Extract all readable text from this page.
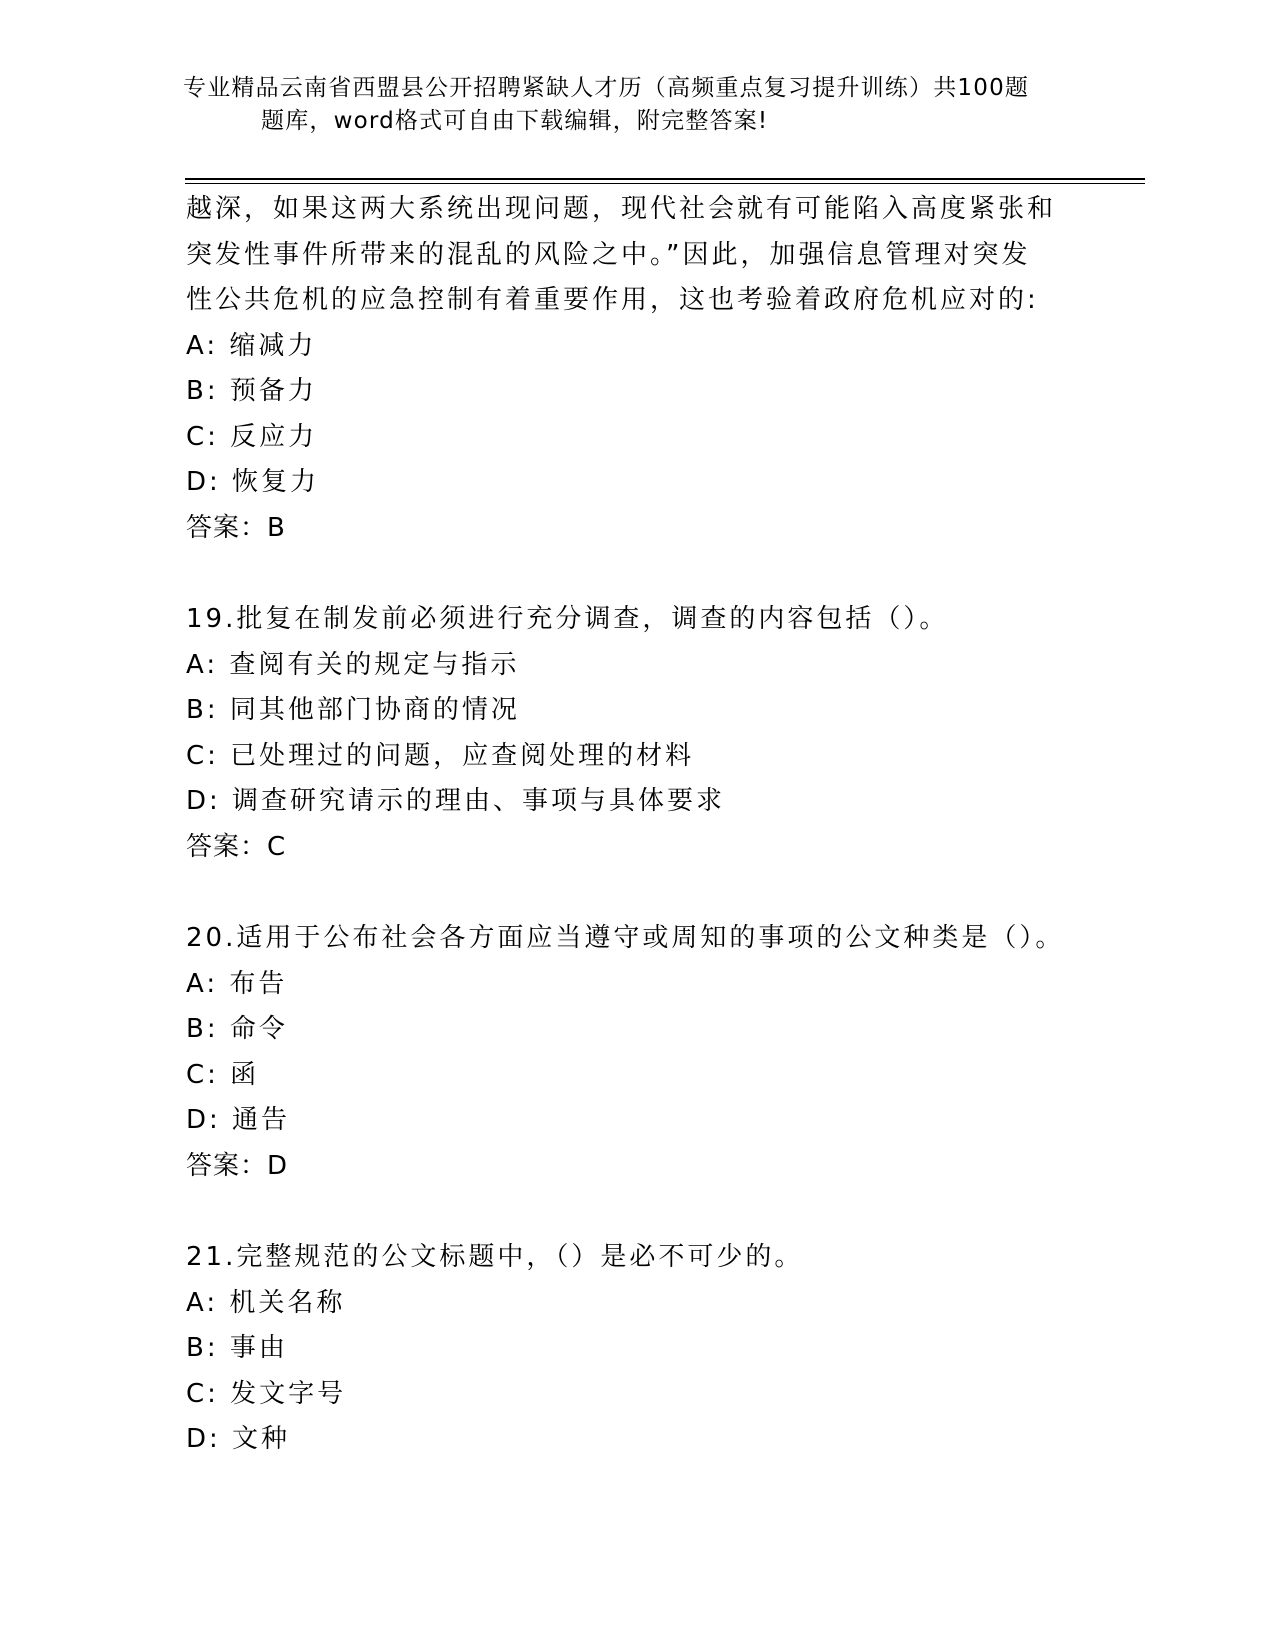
专业精品云南省西盟县公开招聘紧缺人才历（高频重点复习提升训练）共100题
题库，word格式可自由下载编辑，附完整答案!
越深，如果这两大系统出现问题，现代社会就有可能陷入高度紧张和
突发性事件所带来的混乱的风险之中。”因此，加强信息管理对突发
性公共危机的应急控制有着重要作用，这也考验着政府危机应对的:
A: 缩减力
B: 预备力
C: 反应力
D: 恢复力
答案：B
19.批复在制发前必须进行充分调查，调查的内容包括（）。
A: 查阅有关的规定与指示
B: 同其他部门协商的情况
C: 已处理过的问题，应查阅处理的材料
D: 调查研究请示的理由、事项与具体要求
答案：C
20.适用于公布社会各方面应当遵守或周知的事项的公文种类是（）。
A: 布告
B: 命令
C: 函
D: 通告
答案：D
21.完整规范的公文标题中，（）是必不可少的。
A: 机关名称
B: 事由
C: 发文字号
D: 文种
